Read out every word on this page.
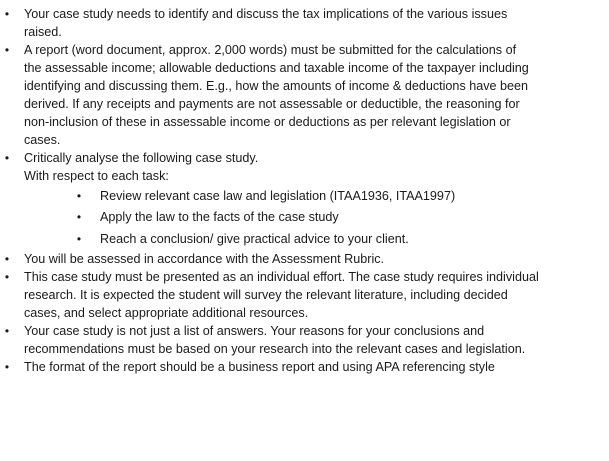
• Your case study needs to identify and discuss the tax implications of the various issues
raised.
• A report (word document, approx. 2,000 words) must be submitted for the calculations of
the assessable income; allowable deductions and taxable income of the taxpayer including
identifying and discussing them. E.g., how the amounts of income & deductions have been
derived. If any receipts and payments are not assessable or deductible, the reasoning for
non-inclusion of these in assessable income or deductions as per relevant legislation or
cases.
• Critically analyse the following case study.
With respect to each task:
• Review relevant case law and legislation (ITAA1936, ITAA1997)
• Apply the law to the facts of the case study
• Reach a conclusion/ give practical advice to your client.
• You will be assessed in accordance with the Assessment Rubric.
• This case study must be presented as an individual effort. The case study requires individual
research. It is expected the student will survey the relevant literature, including decided
cases, and select appropriate additional resources.
• Your case study is not just a list of answers. Your reasons for your conclusions and
recommendations must be based on your research into the relevant cases and legislation.
• The format of the report should be a business report and using APA referencing style
